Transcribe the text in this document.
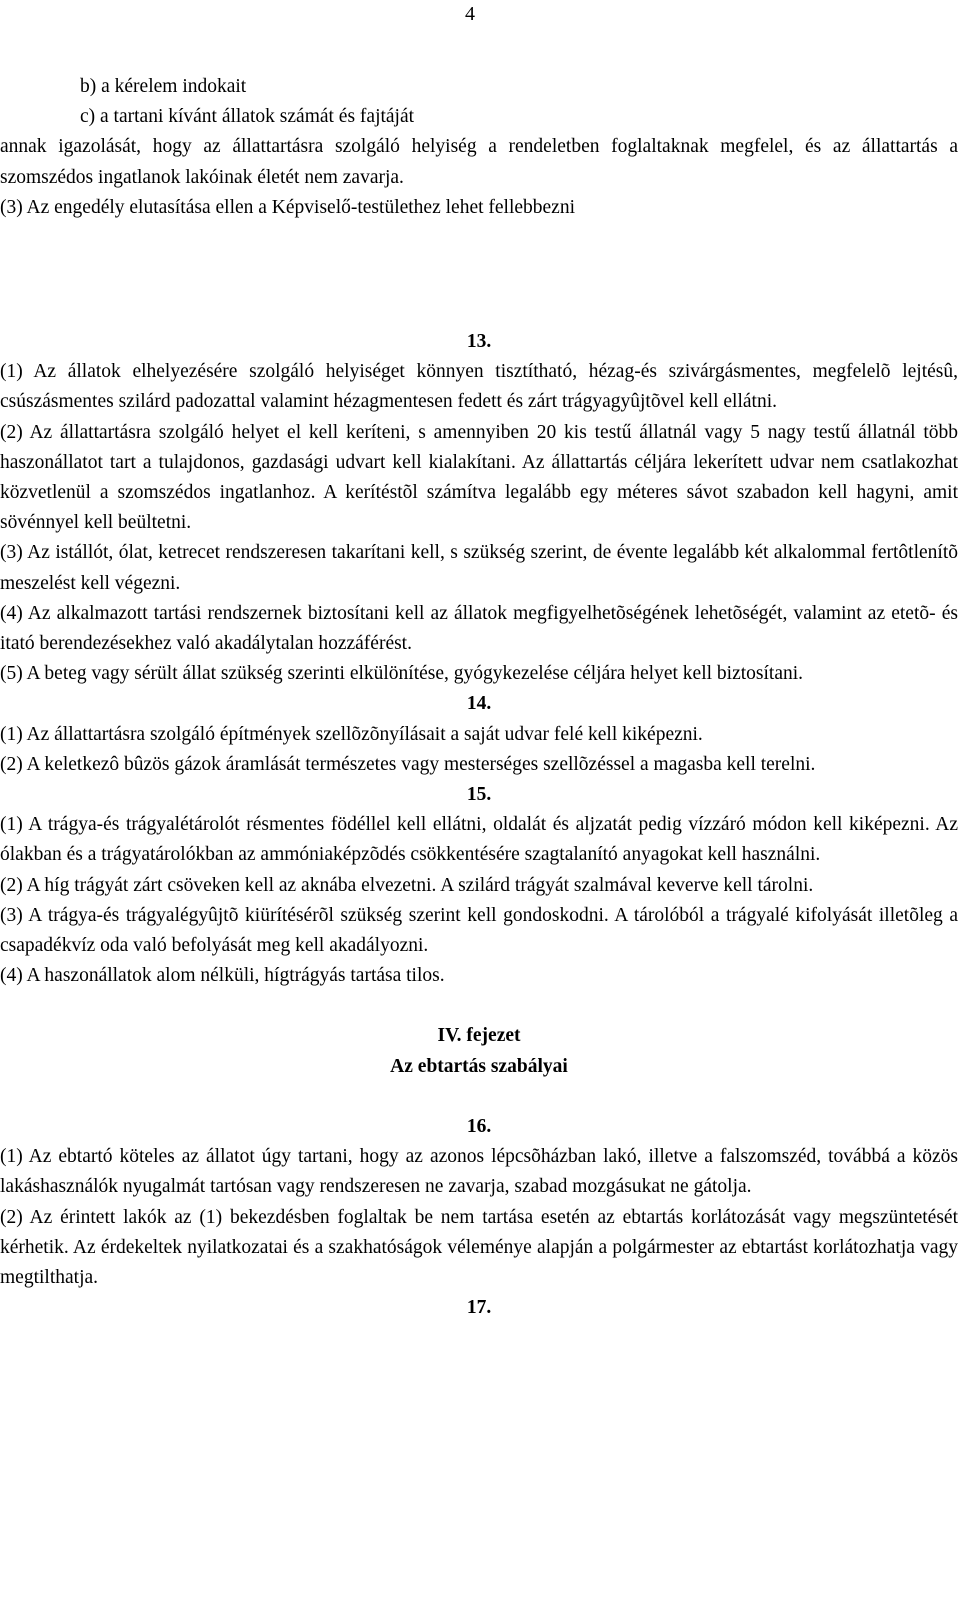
4

b) a kérelem indokait

c) a tartani kívánt állatok számát és fajtáját

annak igazolását, hogy az állattartásra szolgáló helyiség a rendeletben foglaltaknak megfelel, és az állattartás a szomszédos ingatlanok lakóinak életét nem zavarja.

(3) Az engedély elutasítása ellen a Képviselő-testülethez lehet fellebbezni

13.

(1) Az állatok elhelyezésére szolgáló helyiséget könnyen tisztítható, hézag-és szivárgásmentes, megfelelõ lejtésû, csúszásmentes szilárd padozattal valamint hézagmentesen fedett és zárt trágyagyûjtõvel kell ellátni.

(2) Az állattartásra szolgáló helyet el kell keríteni, s amennyiben 20 kis testű állatnál vagy 5 nagy testű állatnál több haszonállatot tart a tulajdonos, gazdasági udvart kell kialakítani. Az állattartás céljára lekerített udvar nem csatlakozhat közvetlenül a szomszédos ingatlanhoz. A kerítéstõl számítva legalább egy méteres sávot szabadon kell hagyni, amit sövénnyel kell beültetni.

(3) Az istállót, ólat, ketrecet rendszeresen takarítani kell, s szükség szerint, de évente legalább két alkalommal fertôtlenítõ meszelést kell végezni.

(4) Az alkalmazott tartási rendszernek biztosítani kell az állatok megfigyelhetõségének lehetõségét, valamint az etetõ- és itató berendezésekhez való akadálytalan hozzáférést.

(5) A beteg vagy sérült állat szükség szerinti elkülönítése, gyógykezelése céljára helyet kell biztosítani.

14.

(1) Az állattartásra szolgáló építmények szellõzõnyílásait a saját udvar felé kell kiképezni.

(2) A keletkezô bûzös gázok áramlását természetes vagy mesterséges szellõzéssel a magasba kell terelni.

15.

(1) A trágya-és trágyalétárolót résmentes födéllel kell ellátni, oldalát és aljzatát pedig vízzáró módon kell kiképezni. Az ólakban és a trágyatárolókban az ammóniaképzõdés csökkentésére szagtalanító anyagokat kell használni.

(2) A híg trágyát zárt csöveken kell az aknába elvezetni. A szilárd trágyát szalmával keverve kell tárolni.

(3) A trágya-és trágyalégyûjtõ kiürítésérõl szükség szerint kell gondoskodni. A tárolóból a trágyalé kifolyását illetõleg a csapadékvíz oda való befolyását meg kell akadályozni.

(4) A haszonállatok alom nélküli, hígtrágyás tartása tilos.

IV. fejezet

Az ebtartás szabályai

16.

(1) Az ebtartó köteles az állatot úgy tartani, hogy az azonos lépcsõházban lakó, illetve a falszomszéd, továbbá a közös lakáshasználók nyugalmát tartósan vagy rendszeresen ne zavarja, szabad mozgásukat ne gátolja.

(2) Az érintett lakók az (1) bekezdésben foglaltak be nem tartása esetén az ebtartás korlátozását vagy megszüntetését kérhetik. Az érdekeltek nyilatkozatai és a szakhatóságok véleménye alapján a polgármester az ebtartást korlátozhatja vagy megtilthatja.

17.
